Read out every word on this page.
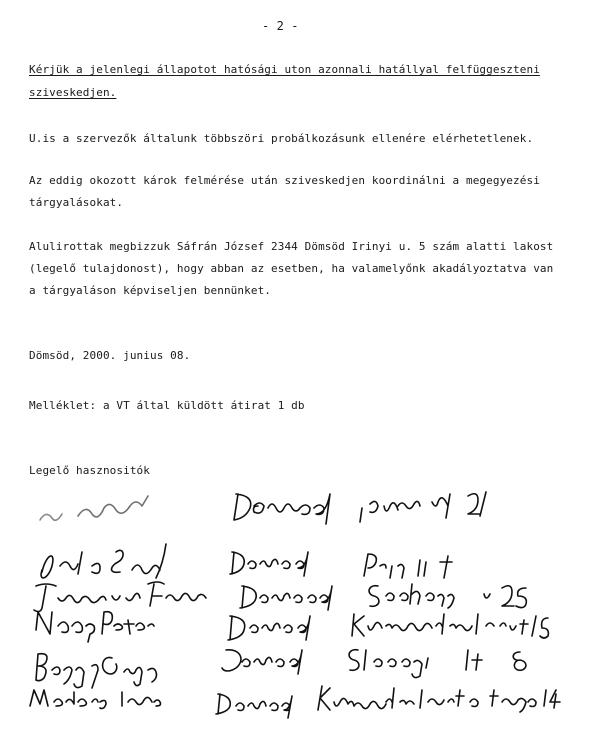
- 2 -
Kérjük a jelenlegi állapotot hatósági uton azonnali hatállyal felfüggeszteni
sziveskedjen.
U.is a szervezők általunk többszöri probálkozásunk ellenére elérhetetlenek.
Az eddig okozott károk felmérése után sziveskedjen koordinálni a megegyezési
tárgyalásokat.
Alulirottak megbizzuk Sáfrán József 2344 Dömsöd Irinyi u. 5 szám alatti lakost
(legelő tulajdonost), hogy abban az esetben, ha valamelyőnk akadályoztatva van
a tárgyaláson képviseljen bennünket.
Dömsöd, 2000. junius 08.
Melléklet: a VT által küldött átirat 1 db
Legelő hasznositók
